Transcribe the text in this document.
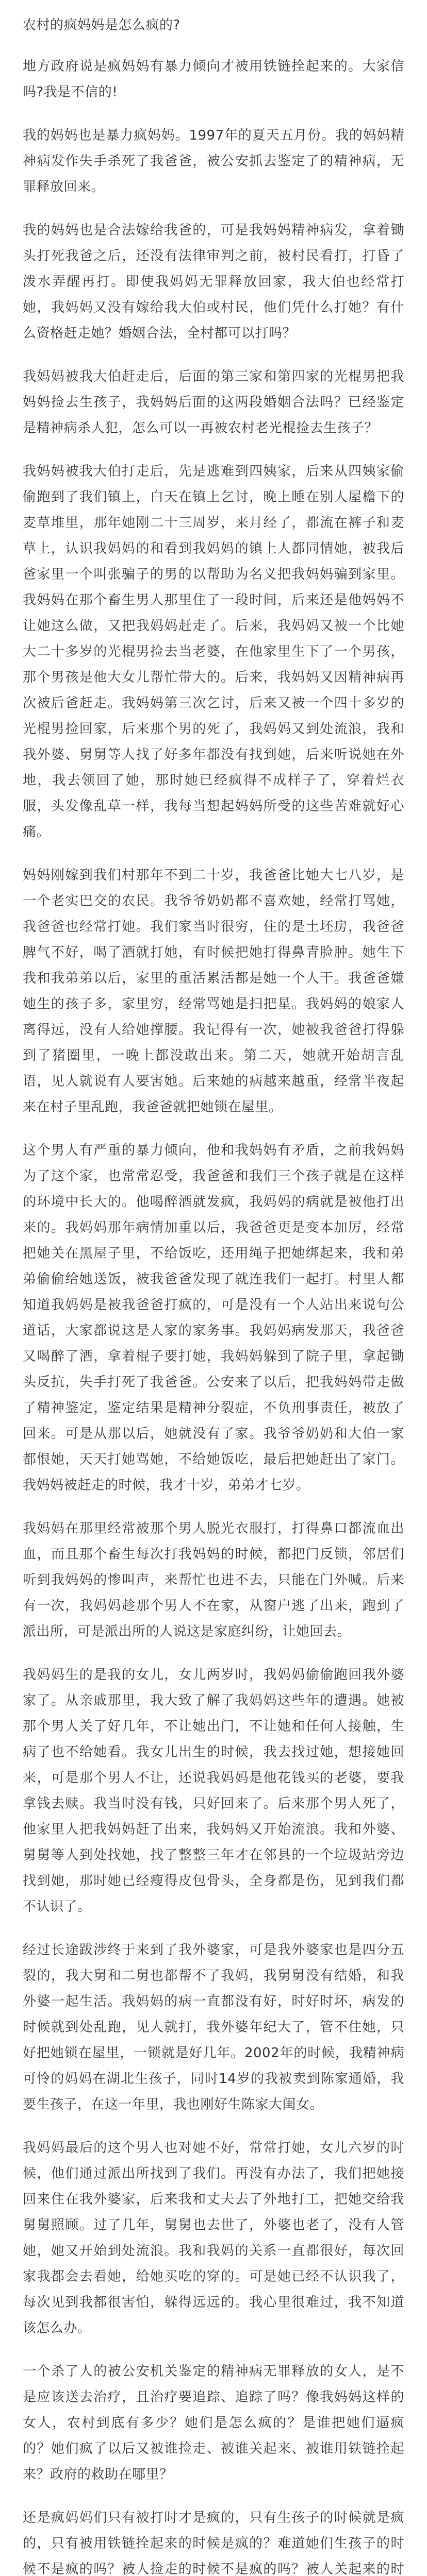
农村的疯妈妈是怎么疯的?

地方政府说是疯妈妈有暴力倾向才被用铁链拴起来的。大家信吗?我是不信的!

我的妈妈也是暴力疯妈妈。1997年的夏天五月份。我的妈妈精神病发作失手杀死了我爸爸，被公安抓去鉴定了的精神病，无罪释放回来。

我的妈妈也是合法嫁给我爸的，可是我妈妈精神病发，拿着锄头打死我爸之后，还没有法律审判之前，被村民看打，打昏了泼水弄醒再打。即使我妈妈无罪释放回家，我大伯也经常打她，我妈妈又没有嫁给我大伯或村民，他们凭什么打她？有什么资格赶走她？婚姻合法，全村都可以打吗？

我妈妈被我大伯赶走后，后面的第三家和第四家的光棍男把我妈妈捡去生孩子，我妈妈后面的这两段婚姻合法吗？已经鉴定是精神病杀人犯，怎么可以一再被农村老光棍捡去生孩子？

我妈妈被我大伯打走后，先是逃难到四姨家，后来从四姨家偷偷跑到了我们镇上，白天在镇上乞讨，晚上睡在别人屋檐下的麦草堆里，那年她刚二十三周岁，来月经了，都流在裤子和麦草上，认识我妈妈的和看到我妈妈的镇上人都同情她，被我后爸家里一个叫张骗子的男的以帮助为名义把我妈妈骗到家里。我妈妈在那个畜生男人那里住了一段时间，后来还是他妈妈不让她这么做，又把我妈妈赶走了。后来，我妈妈又被一个比她大二十多岁的光棍男捡去当老婆，在他家里生下了一个男孩，那个男孩是他大女儿帮忙带大的。后来，我妈妈又因精神病再次被后爸赶走。我妈妈第三次乞讨，后来又被一个四十多岁的光棍男捡回家，后来那个男的死了，我妈妈又到处流浪，我和我外婆、舅舅等人找了好多年都没有找到她，后来听说她在外地，我去领回了她，那时她已经疯得不成样子了，穿着烂衣服，头发像乱草一样，我每当想起妈妈所受的这些苦难就好心痛。

妈妈刚嫁到我们村那年不到二十岁，我爸爸比她大七八岁，是一个老实巴交的农民。我爷爷奶奶都不喜欢她，经常打骂她，我爸爸也经常打她。我们家当时很穷，住的是土坯房，我爸爸脾气不好，喝了酒就打她，有时候把她打得鼻青脸肿。她生下我和我弟弟以后，家里的重活累活都是她一个人干。我爸爸嫌她生的孩子多，家里穷，经常骂她是扫把星。我妈妈的娘家人离得远，没有人给她撑腰。我记得有一次，她被我爸爸打得躲到了猪圈里，一晚上都没敢出来。第二天，她就开始胡言乱语，见人就说有人要害她。后来她的病越来越重，经常半夜起来在村子里乱跑，我爸爸就把她锁在屋里。

这个男人有严重的暴力倾向，他和我妈妈有矛盾，之前我妈妈为了这个家，也常常忍受，我爸爸和我们三个孩子就是在这样的环境中长大的。他喝醉酒就发疯，我妈妈的病就是被他打出来的。我妈妈那年病情加重以后，我爸爸更是变本加厉，经常把她关在黑屋子里，不给饭吃，还用绳子把她绑起来，我和弟弟偷偷给她送饭，被我爸爸发现了就连我们一起打。村里人都知道我妈妈是被我爸爸打疯的，可是没有一个人站出来说句公道话，大家都说这是人家的家务事。我妈妈病发那天，我爸爸又喝醉了酒，拿着棍子要打她，我妈妈躲到了院子里，拿起锄头反抗，失手打死了我爸爸。公安来了以后，把我妈妈带走做了精神鉴定，鉴定结果是精神分裂症，不负刑事责任，被放了回来。可是从那以后，她就没有了家。我爷爷奶奶和大伯一家都恨她，天天打她骂她，不给她饭吃，最后把她赶出了家门。我妈妈被赶走的时候，我才十岁，弟弟才七岁。

我妈妈在那里经常被那个男人脱光衣服打，打得鼻口都流血出血，而且那个畜生每次打我妈妈的时候，都把门反锁，邻居们听到我妈妈的惨叫声，来帮忙也进不去，只能在门外喊。后来有一次，我妈妈趁那个男人不在家，从窗户逃了出来，跑到了派出所，可是派出所的人说这是家庭纠纷，让她回去。

我妈妈生的是我的女儿，女儿两岁时，我妈妈偷偷跑回我外婆家了。从亲戚那里，我大致了解了我妈妈这些年的遭遇。她被那个男人关了好几年，不让她出门，不让她和任何人接触，生病了也不给她看。我女儿出生的时候，我去找过她，想接她回来，可是那个男人不让，还说我妈妈是他花钱买的老婆，要我拿钱去赎。我当时没有钱，只好回来了。后来那个男人死了，他家里人把我妈妈赶了出来，我妈妈又开始流浪。我和外婆、舅舅等人到处找她，找了整整三年才在邻县的一个垃圾站旁边找到她，那时她已经瘦得皮包骨头，全身都是伤，见到我们都不认识了。

经过长途跋涉终于来到了我外婆家，可是我外婆家也是四分五裂的，我大舅和二舅也都帮不了我妈，我舅舅没有结婚，和我外婆一起生活。我妈妈的病一直都没有好，时好时坏，病发的时候就到处乱跑，见人就打，我外婆年纪大了，管不住她，只好把她锁在屋里，一锁就是好几年。2002年的时候，我精神病可怜的妈妈在湖北生孩子，同时14岁的我被卖到陈家通婚，我要生孩子，在这一年里，我也刚好生陈家大闺女。

我妈妈最后的这个男人也对她不好，常常打她，女儿六岁的时候，他们通过派出所找到了我们。再没有办法了，我们把她接回来住在我外婆家，后来我和丈夫去了外地打工，把她交给我舅舅照顾。过了几年，舅舅也去世了，外婆也老了，没有人管她，她又开始到处流浪。我和我妈的关系一直都很好，每次回家我都会去看她，给她买吃的穿的。可是她已经不认识我了，每次见到我都很害怕，躲得远远的。我心里很难过，我不知道该怎么办。

一个杀了人的被公安机关鉴定的精神病无罪释放的女人，是不是应该送去治疗，且治疗要追踪、追踪了吗？像我妈妈这样的女人，农村到底有多少？她们是怎么疯的？是谁把她们逼疯的？她们疯了以后又被谁捡走、被谁关起来、被谁用铁链拴起来？政府的救助在哪里？

还是疯妈妈们只有被打时才是疯的，只有生孩子的时候就是疯的，只有被用铁链拴起来的时候是疯的？难道她们生孩子的时候不是疯的吗？被人捡走的时候不是疯的吗？被人关起来的时
